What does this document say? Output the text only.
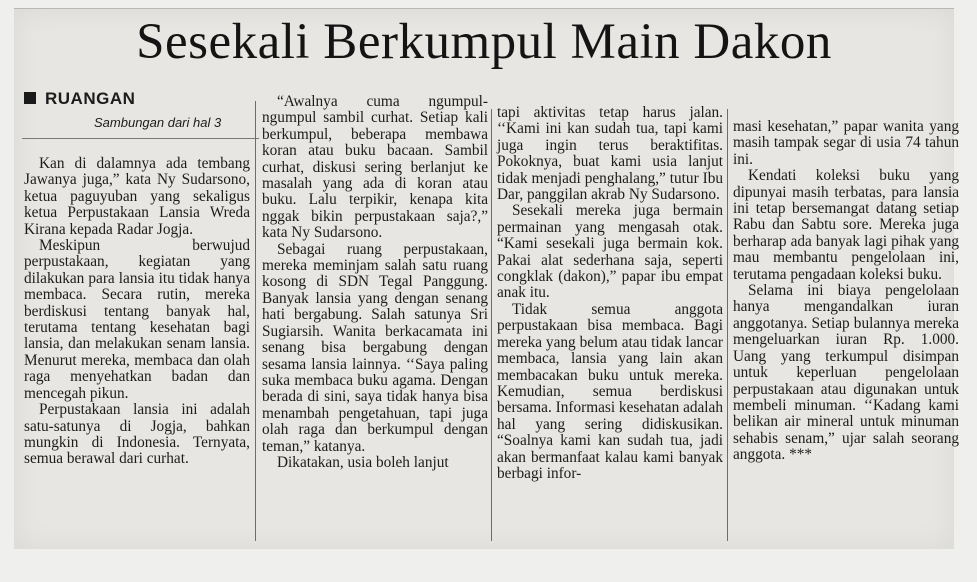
Sesekali Berkumpul Main Dakon
RUANGAN
Sambungan dari hal 3

Kan di dalamnya ada tembang Jawanya juga,” kata Ny Sudarsono, ketua paguyuban yang sekaligus ketua Perpustakaan Lansia Wreda Kirana kepada Radar Jogja.

Meskipun berwujud perpustakaan, kegiatan yang dilakukan para lansia itu tidak hanya membaca. Secara rutin, mereka berdiskusi tentang banyak hal, terutama tentang kesehatan bagi lansia, dan melakukan senam lansia. Menurut mereka, membaca dan olah raga menyehatkan badan dan mencegah pikun.

Perpustakaan lansia ini adalah satu-satunya di Jogja, bahkan mungkin di Indonesia. Ternyata, semua berawal dari curhat.

“Awalnya cuma ngumpul-ngumpul sambil curhat. Setiap kali berkumpul, beberapa membawa koran atau buku bacaan. Sambil curhat, diskusi sering berlanjut ke masalah yang ada di koran atau buku. Lalu terpikir, kenapa kita nggak bikin perpustakaan saja?,” kata Ny Sudarsono.

Sebagai ruang perpustakaan, mereka meminjam salah satu ruang kosong di SDN Tegal Panggung. Banyak lansia yang dengan senang hati bergabung. Salah satunya Sri Sugiarsih. Wanita berkacamata ini senang bisa bergabung dengan sesama lansia lainnya. ‘‘Saya paling suka membaca buku agama. Dengan berada di sini, saya tidak hanya bisa menambah pengetahuan, tapi juga olah raga dan berkumpul dengan teman,” katanya.

Dikatakan, usia boleh lanjut

tapi aktivitas tetap harus jalan. ‘‘Kami ini kan sudah tua, tapi kami juga ingin terus beraktifitas. Pokoknya, buat kami usia lanjut tidak menjadi penghalang,” tutur Ibu Dar, panggilan akrab Ny Sudarsono.

Sesekali mereka juga bermain permainan yang mengasah otak. “Kami sesekali juga bermain kok. Pakai alat sederhana saja, seperti congklak (dakon),” papar ibu empat anak itu.

Tidak semua anggota perpustakaan bisa membaca. Bagi mereka yang belum atau tidak lancar membaca, lansia yang lain akan membacakan buku untuk mereka. Kemudian, semua berdiskusi bersama. Informasi kesehatan adalah hal yang sering didiskusikan. “Soalnya kami kan sudah tua, jadi akan bermanfaat kalau kami banyak berbagi infor-

masi kesehatan,” papar wanita yang masih tampak segar di usia 74 tahun ini.

Kendati koleksi buku yang dipunyai masih terbatas, para lansia ini tetap bersemangat datang setiap Rabu dan Sabtu sore. Mereka juga berharap ada banyak lagi pihak yang mau membantu pengelolaan ini, terutama pengadaan koleksi buku.

Selama ini biaya pengelolaan hanya mengandalkan iuran anggotanya. Setiap bulannya mereka mengeluarkan iuran Rp. 1.000. Uang yang terkumpul disimpan untuk keperluan pengelolaan perpustakaan atau digunakan untuk membeli minuman. ‘‘Kadang kami belikan air mineral untuk minuman sehabis senam,” ujar salah seorang anggota. ***
